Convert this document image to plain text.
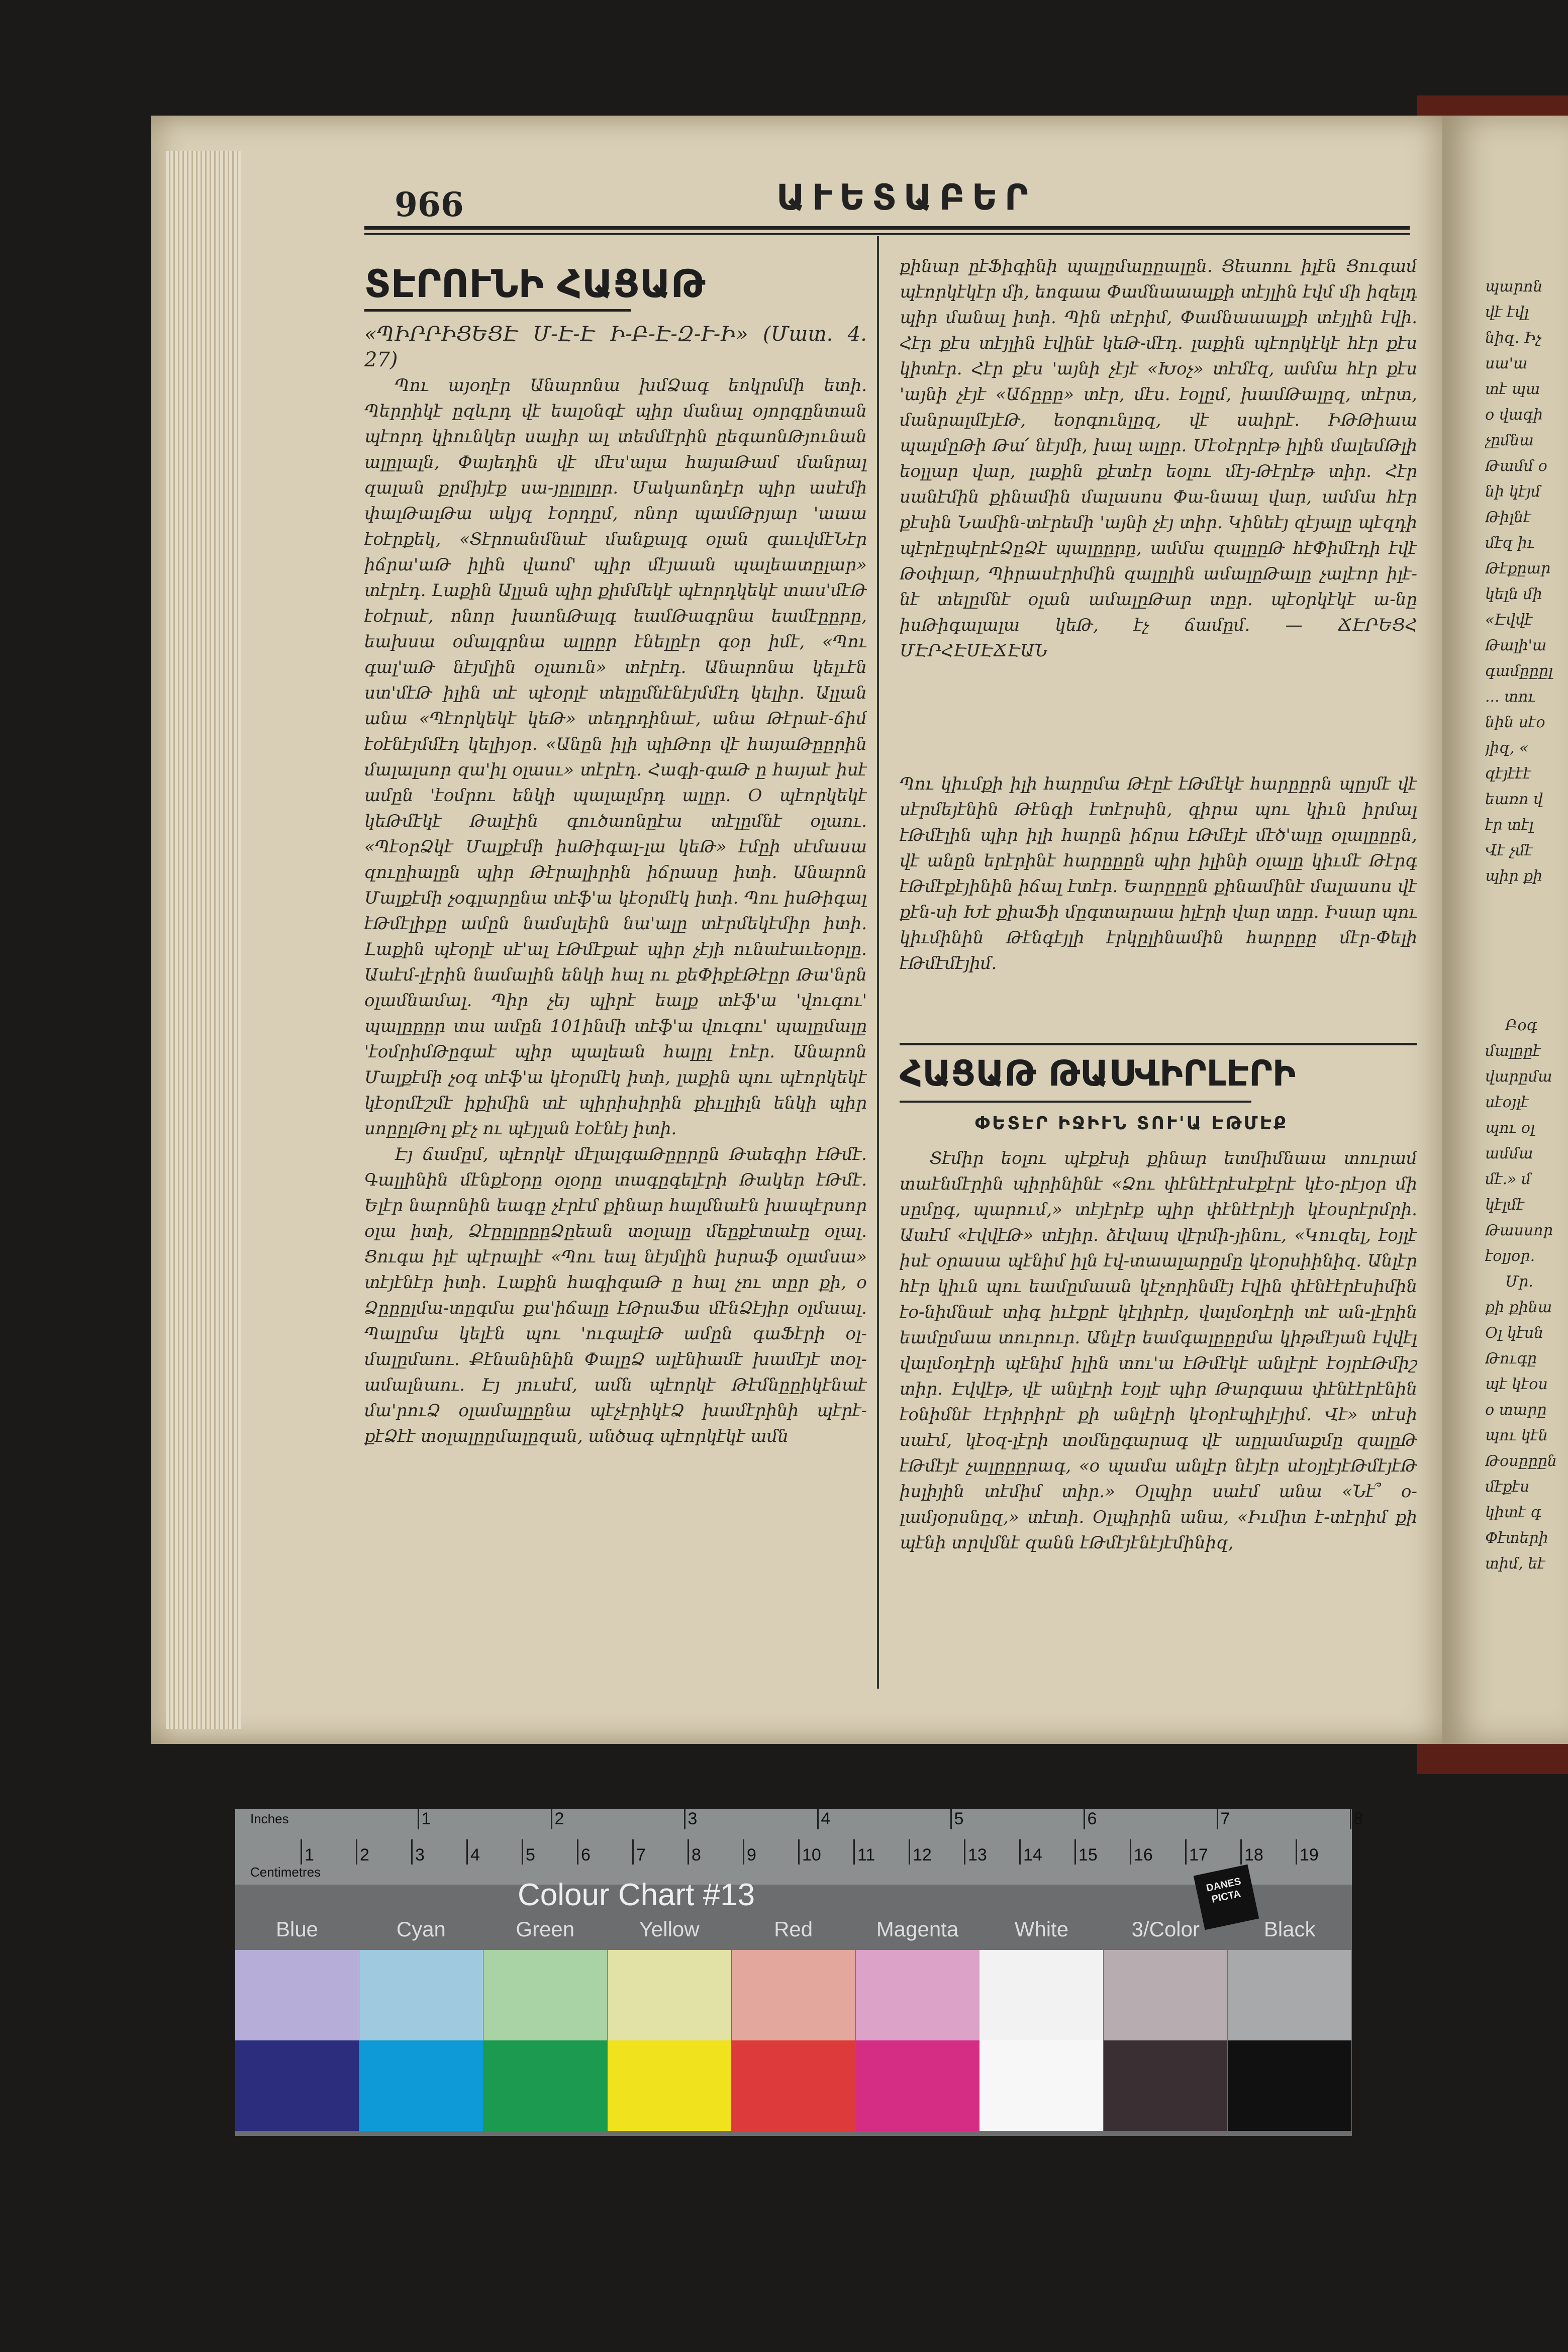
966	ԱՒԵՏԱԲԵՐ
ՏԷՐՈՒՆԻ ՀԱՑԱԹ

«ՊԻՐՐԻՑԵՑԷ Մ-Է-Է Ի-Բ-Է-Զ-Ւ-Ի» (Մատ. 4. 27)

Պու այօղէր Անարոնա խմՁագ եոկրմմի ետի. Պերրիկէ ըզևրդ վէ եալօնգէ պիր մանալ օյորգընտան պէորդ կիունկեր սալիր ալ տեմմէրին ըեգաոնԹյունան ալըլալն, Փայեդին վէ մէս'ալա հայաԹամ մանրալ զալան քրմիյէք սա-յըլըլըր. Մակաոնդէր պիր ասէմի փալԹալԹա ակյզ էօրդըմ, ոնոր պամԹրյար 'աաա էօէրքեկ, «Տէրոանմնաէ մանքալգ օլան գաւվմէՆէր իճրա'աԹ իլին վաոմ' պիր մէյաան պալեատըլար» տէրէդ. Լաքին Ալլան պիր քիմմեկէ պէորդկեկէ տաս'մէԹ էօէրաէ, ոնոր խաոնԹալգ եամԹագրնա եամէըըրը, եախսա օմալգրնա ալըըր էնելըէր գօր իմէ, «Պու գալ'աԹ նէյմլին օլաուն» տէրէդ. Անարոնա կելւէն ստ'մէԹ իլին տէ պէօրլէ տելըմնէնէյմմէդ կելիր. Ալլան անա «Պէորկեկէ կեԹ» տեդրդինաէ, անա Թէրաէ-ճիմ էօէնէյմմէդ կելիյօր. «Անըն իլի պիԹոր վէ հայաԹըըրին մալալսոր զա'իլ օլասւ» տէրէդ. Հագի-գաԹ ը հայաէ իսէ ամըն 'էօմրու ենկի պալալմրդ ալըր. Օ պէորկեկէ կեԹմէկէ Թալէին գուծաոնըէա տէլըմնէ օլաու. «ՊէօրՁկէ Մալքէմի իսԹիգալ-լա կեԹ» էմըի սէմասա զուըիալըն պիր Թէրալիրին իճրասը իտի. Անարոն Մալքէմի չօգլարընա տէֆ'ա կէօրմէկ իտի. Պու իսԹիգալ էԹմէլիքը ամըն նամսլեին նա'ալը տէրմեկէմիր իտի. Լաքին պէօրլէ սէ'ալ էԹմէքաէ պիր չէյի ունաէաւեօրլը. Աաէմ-լէրին նամալին ենկի հալ ու քեՓիքէԹէըր Թա'նրն օլամնամալ. Պիր չեյ պիրէ եալք տէֆ'ա 'վուգու' պալըըըր տա ամըն 101ինմի տէֆ'ա վուգու' պալըմալը 'էօմրիմԹըգաէ պիր պալեան հալըլ էոէր. Անարոն Մալքէմի չօգ տէֆ'ա կէօրմէկ իտի, լաքին պու պէորկեկէ կէօրմէշմէ իքիմին տէ պիրիսիրին քիւլլիլն ենկի պիր սոըըլԹոլ քէչ ու պէյլան էօէնէյ իտի.

Էյ ճամըմ, պէորկէ մէլալգաԹըըրըն Թաեգիր էԹմէ. Գալլինին մէնքէօրը օլօրը տագըգելէրի Թակեր էԹմէ. Ելէր նարոնին եագը չէրէմ քինար հալմնաէն խապէրսոր օլա իտի, ՁէըըլըըըՁըեան տօլալը մեըքէտաէը օլալ. Ցուգա իլէ պէրալիէ «Պու եալ նէյմլին իսրաֆ օլամսա» տէյէնէր իտի. Լաքին հագիգաԹ ը հալ չու տըր քի, օ Ձըըըլմա-տըգմա քա'իճալը էԹրաՖա մէնՁէյիր օլմաալ. Պալըմա կելէն պու 'ուգալէԹ ամըն գաՖէրի օլ-մալըմաու. Քէնանինին ՓալըՁ ալէնիամէ խամէյէ տօլ-ամալնաու. Էյ յուսէմ, ամն պէորկէ Թէմնըըիկէնաէ մա'րուՁ օլամալըընա պէչէրիկէՁ խամէրինի պէրէ-քէՁէէ տօլալըըմալըզան, անծագ պէորկէկէ ամն

քինար ըէՖիգինի պալըմաըըալըն. Ցեաոու իլէն Ցուգամ պէորկէկէր մի, եոգաա Փամնաաալքի տէյլին էվմ մի իզելդ պիր մանալ իտի. Պին տէրիմ, Փամնաաալքի տէյլին էվի. Հէր քէս տէյլին էվինէ կեԹ-մէդ. լաքին պէորկէկէ հէր քէս կիտէր. Հէր քէս 'այնի չէյէ «Խօչ» տէմէզ, ամմա հէր քէս 'այնի չէյէ «Աճըըը» տէր, մէս. էօլըմ, խամԹալըզ, տէրտ, մանրալմէյէԹ, եօրգունլըզ, վէ սաիրէ. ԻԹԹիաա պալմըԹի Թա՛ նէյմի, խալ ալըր. Մէօէրրէթ իլին մալեմԹլի եօլլար վար, լաքին քէտէր եօլու մէյ-Թէրէթ տիր. Հէր սանէմին քինամին մալասոս Փա-նաալ վար, ամմա հէր քէսին Նամին-տէրեմի 'այնի չէյ տիր. Կինեէյ զէյալը պէզդի պէրէըպէրէՁըՁէ պալըըրը, ամմա զալըըԹ հէՓիմէդի էվէ Թօփլար, Պիրասէրիմին զալըլին ամալըԹալը չալէոր իլէ-նէ տելըմնէ օլան ամալըԹար տըր. պէօրկէկէ ա-նը իսԹիգալալա կեԹ, էչ ճամըմ. — ՃԷՐԵՑՀ ՄԷՐՀԷՍԷՃԷԱՆ

Պու կիւմքի իլի հարըմա Թէըէ էԹմէկէ հարըըրն պըյմէ վէ սէրմեյէնին Թէնգի էտէրսին, գիրա պու կիւն իրմալ էԹմէլին պիր իլի հարըն իճրա էԹմէյէ մէծ'ալը օլալըըըն, վէ անըն երէրինէ հարըըըն պիր իլինի օլալը կիւմէ Թէրգ էԹմէքէյինին իճալ էտէր. Եարըըըն քինամինէ մալասոս վէ քէն-սի Խէ քիաՖի մըգտարաա իլէրի վար տըր. Իսար պու կիւմինին Թէնգէյլի էրկըլինամին հարըըը մէր-Փելի էԹմէմէյիմ.

ՀԱՑԱԹ ԹԱՍՎԻՐԼԷՐԻ
ՓԵՏԷՐ ԻՋԻՒՆ ՏՈՒ'Ա ԷԹՄԷՔ

Տէմիր եօլու պէքէսի քինար ետմիմնաա տուրամ տաէնմէրին պիրինինէ «Ձու փէնէէրէսէքէրէ կէօ-րէյօր մի սըմըգ, պարում,» տէյէրէք պիր փէնէէրէյի կէօսրէրմրի. Աաէմ «էվվէԹ» տէյիր. ձէվապ վէրմի-յինու, «Կուզել, էօյլէ իսէ օրասա պէնիմ իլն էվ-տաալարըմը կէօրսիինիզ. Անլէր հէր կիւն պու եամըմաան կէչորինմէյ էվին փէնէէրէսիմին էօ-նիմնաէ տիգ իւէքրէ կէլիրէր, վալմօդէրի տէ ան-լէրին եամըմաա տուրուր. Անլէր եամգալըըըմա կիթմէյան էվվէլ վալմօդէրի պէնիմ իլին տու'ա էԹմէկէ անլէրէ էօյրէԹմիշ տիր. Էվվէթ, վէ անլէրի էօյլէ պիր Թարգաա փէնէէրէնին էօնիմնէ էէրիրիրէ քի անլէրի կէօրէպիլէյիմ. Վէ» տէսի սաէմ, կէօզ-լէրի տօմնըգարագ վէ աըլամաքմը զալըԹ էԹմէյէ չալըըըրագ, «օ պամա անլէր նէյէր սէօյլէյէԹմէյէԹ իսլիյին տէմիմ տիր.» Օլպիր սաէմ անա «Նէ՞ օ-լամյօրսնըզ,» տէտի. Օլպիրին անա, «Իւմիտ է-տէրիմ քի պէնի տրվմնէ զանն էԹմէյէնէյէմինիզ,

պարոն
վէ էվլ
նիզ. Իչ
սա'ա
տէ պա
օ վագի
չըմնա
Թամմ օ
նի կէյմ
Թիլնէ
մէզ իւ
Թէքըար
կելն մի
«Էվվէ
Թալի'ա
գամըըըլ
... տու
նին սէօ
յիզ, «
զէյէէէ
եառո վ
էր տէլ
Վէ չմէ
պիր քի
Բօգ
մալըըէ
վարըմա
սէօյլէ
պու օլ
ամմա
մէ.» մ
կէլմէ
Թասսոր
էօլյօր.
Մր.
քի քինա
Օլ կէսն
Թուգը
պէ կէօս
օ տարը
պու կէն
Թօսըըըն
մէքէս
կիտէ գ
Փէտերի
տիմ, եէ
Inches
Centimetres
1	2	3	4	5	6	7	8
1	2	3	4	5	6	7	8	9	10 11 12 13 14 15 16 17 18 19
Colour Chart #13	DANES PICTA
Blue	Cyan	Green	Yellow	Red	Magenta	White	3/Color	Black
